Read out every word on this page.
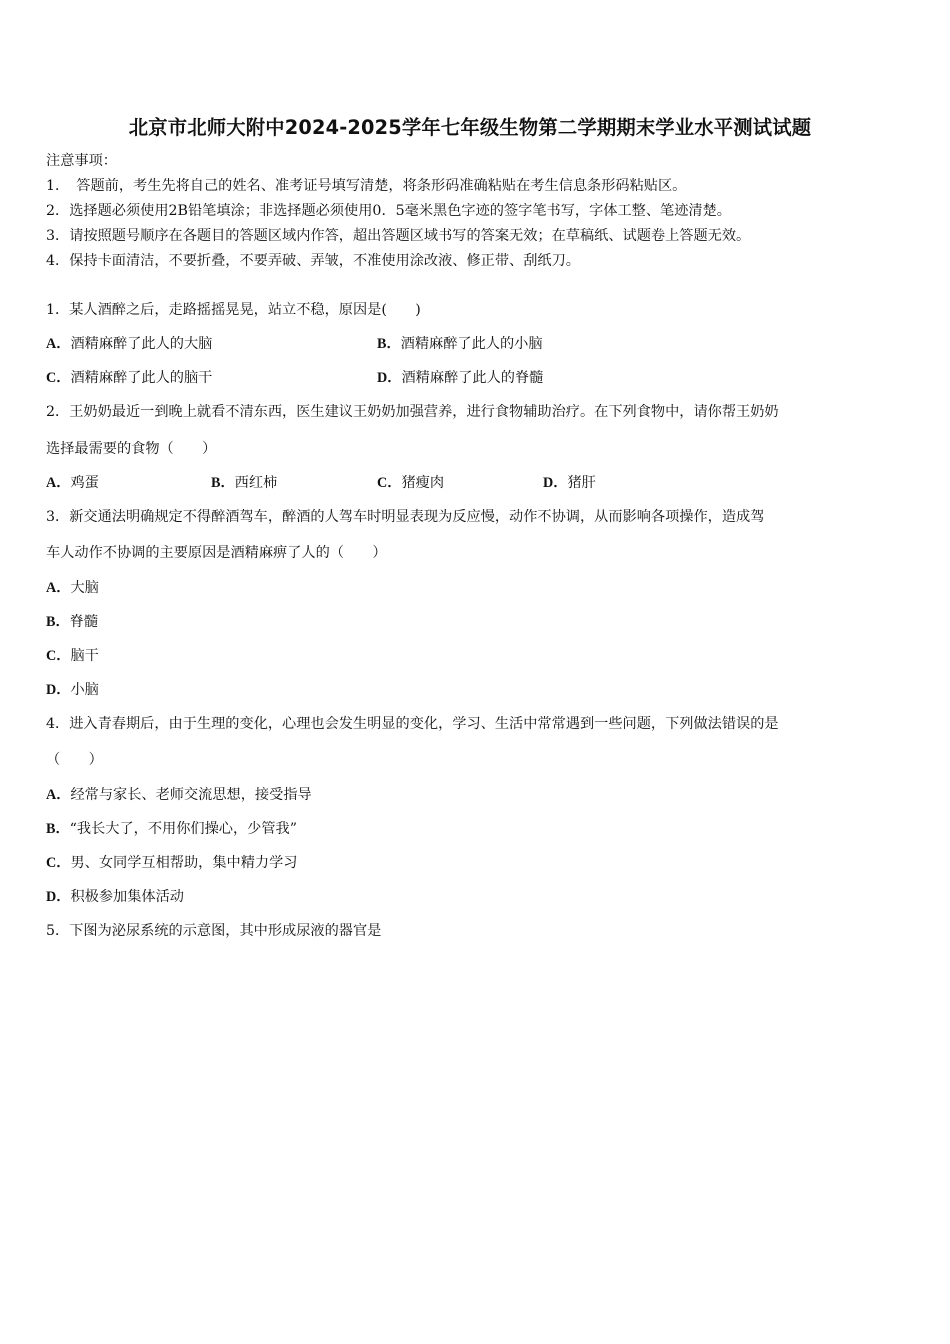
北京市北师大附中2024-2025学年七年级生物第二学期期末学业水平测试试题
注意事项：
1．　答题前，考生先将自己的姓名、准考证号填写清楚，将条形码准确粘贴在考生信息条形码粘贴区。
2．选择题必须使用2B铅笔填涂；非选择题必须使用0．5毫米黑色字迹的签字笔书写，字体工整、笔迹清楚。
3．请按照题号顺序在各题目的答题区域内作答，超出答题区域书写的答案无效；在草稿纸、试题卷上答题无效。
4．保持卡面清洁，不要折叠，不要弄破、弄皱，不准使用涂改液、修正带、刮纸刀。
1．某人酒醉之后，走路摇摇晃晃，站立不稳，原因是(　　)
A．酒精麻醉了此人的大脑	B．酒精麻醉了此人的小脑
C．酒精麻醉了此人的脑干	D．酒精麻醉了此人的脊髓
2．王奶奶最近一到晚上就看不清东西，医生建议王奶奶加强营养，进行食物辅助治疗。在下列食物中，请你帮王奶奶
选择最需要的食物（　　）
A．鸡蛋	B．西红柿	C．猪瘦肉	D．猪肝
3．新交通法明确规定不得醉酒驾车，醉酒的人驾车时明显表现为反应慢，动作不协调，从而影响各项操作，造成驾
车人动作不协调的主要原因是酒精麻痹了人的（　　）
A．大脑
B．脊髓
C．脑干
D．小脑
4．进入青春期后，由于生理的变化，心理也会发生明显的变化，学习、生活中常常遇到一些问题，下列做法错误的是
（　　）
A．经常与家长、老师交流思想，接受指导
B．“我长大了，不用你们操心，少管我”
C．男、女同学互相帮助，集中精力学习
D．积极参加集体活动
5．下图为泌尿系统的示意图，其中形成尿液的器官是
